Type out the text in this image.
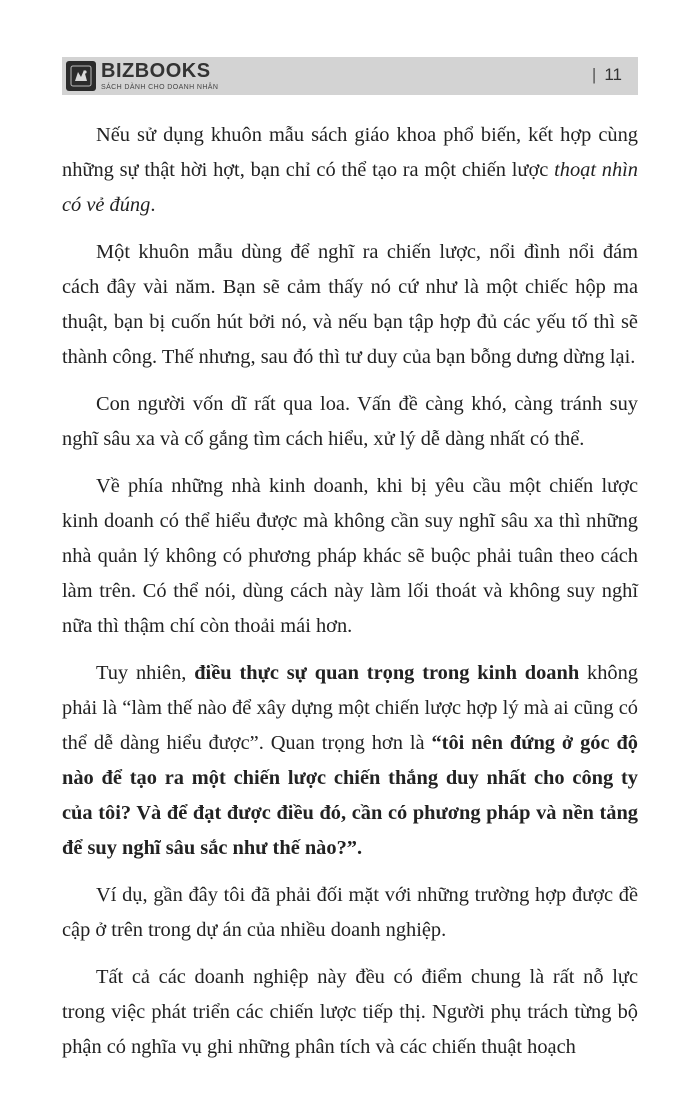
BIZBOOKS
SÁCH DÀNH CHO DOANH NHÂN
| 11

Nếu sử dụng khuôn mẫu sách giáo khoa phổ biến, kết hợp cùng những sự thật hời hợt, bạn chỉ có thể tạo ra một chiến lược thoạt nhìn có vẻ đúng.

Một khuôn mẫu dùng để nghĩ ra chiến lược, nổi đình nổi đám cách đây vài năm. Bạn sẽ cảm thấy nó cứ như là một chiếc hộp ma thuật, bạn bị cuốn hút bởi nó, và nếu bạn tập hợp đủ các yếu tố thì sẽ thành công. Thế nhưng, sau đó thì tư duy của bạn bỗng dưng dừng lại.

Con người vốn dĩ rất qua loa. Vấn đề càng khó, càng tránh suy nghĩ sâu xa và cố gắng tìm cách hiểu, xử lý dễ dàng nhất có thể.

Về phía những nhà kinh doanh, khi bị yêu cầu một chiến lược kinh doanh có thể hiểu được mà không cần suy nghĩ sâu xa thì những nhà quản lý không có phương pháp khác sẽ buộc phải tuân theo cách làm trên. Có thể nói, dùng cách này làm lối thoát và không suy nghĩ nữa thì thậm chí còn thoải mái hơn.

Tuy nhiên, điều thực sự quan trọng trong kinh doanh không phải là “làm thế nào để xây dựng một chiến lược hợp lý mà ai cũng có thể dễ dàng hiểu được”. Quan trọng hơn là “tôi nên đứng ở góc độ nào để tạo ra một chiến lược chiến thắng duy nhất cho công ty của tôi? Và để đạt được điều đó, cần có phương pháp và nền tảng để suy nghĩ sâu sắc như thế nào?”.

Ví dụ, gần đây tôi đã phải đối mặt với những trường hợp được đề cập ở trên trong dự án của nhiều doanh nghiệp.

Tất cả các doanh nghiệp này đều có điểm chung là rất nỗ lực trong việc phát triển các chiến lược tiếp thị. Người phụ trách từng bộ phận có nghĩa vụ ghi những phân tích và các chiến thuật hoạch
